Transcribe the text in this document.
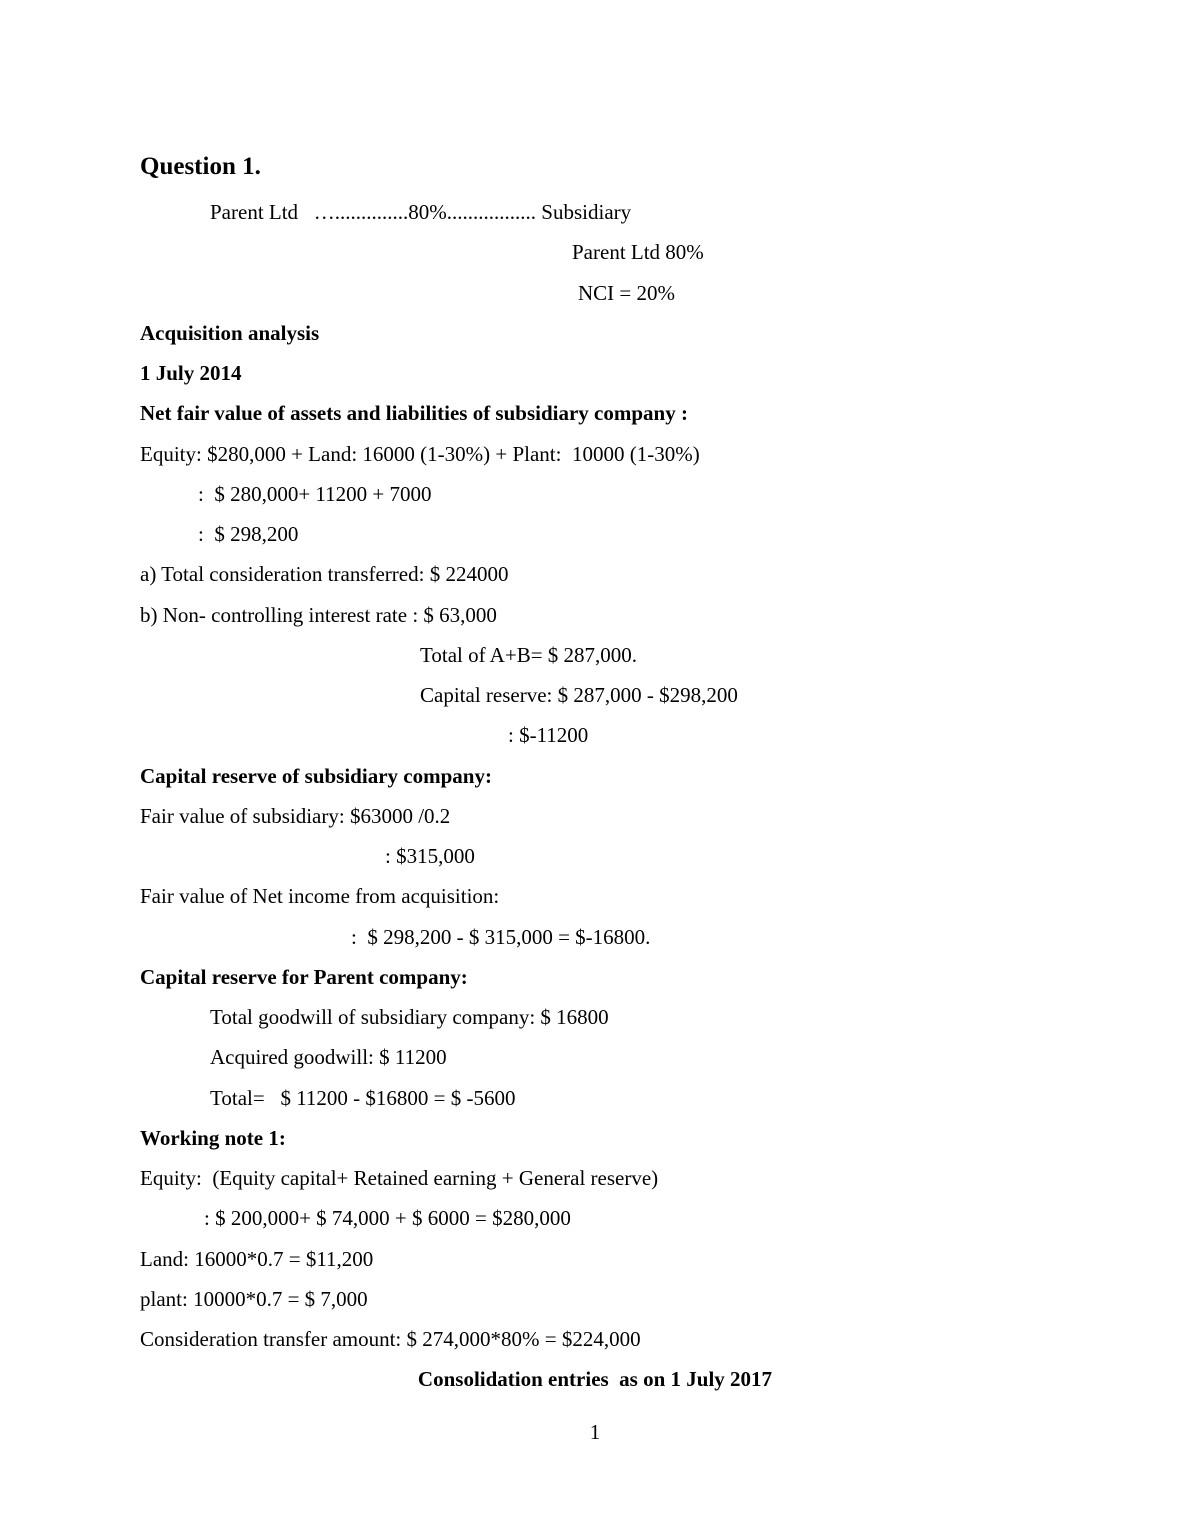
Question 1.
Parent Ltd   …..............80%................. Subsidiary
Parent Ltd 80%
NCI = 20%
Acquisition analysis
1 July 2014
Net fair value of assets and liabilities of subsidiary company :
Equity: $280,000 + Land: 16000 (1-30%) + Plant:  10000 (1-30%)
:  $ 280,000+ 11200 + 7000
:  $ 298,200
a) Total consideration transferred: $ 224000
b) Non- controlling interest rate : $ 63,000
Total of A+B= $ 287,000.
Capital reserve: $ 287,000 - $298,200
: $-11200
Capital reserve of subsidiary company:
Fair value of subsidiary: $63000 /0.2
: $315,000
Fair value of Net income from acquisition:
:  $ 298,200 - $ 315,000 = $-16800.
Capital reserve for Parent company:
Total goodwill of subsidiary company: $ 16800
Acquired goodwill: $ 11200
Total=   $ 11200 - $16800 = $ -5600
Working note 1:
Equity:  (Equity capital+ Retained earning + General reserve)
: $ 200,000+ $ 74,000 + $ 6000 = $280,000
Land: 16000*0.7 = $11,200
plant: 10000*0.7 = $ 7,000
Consideration transfer amount: $ 274,000*80% = $224,000
Consolidation entries  as on 1 July 2017
1
